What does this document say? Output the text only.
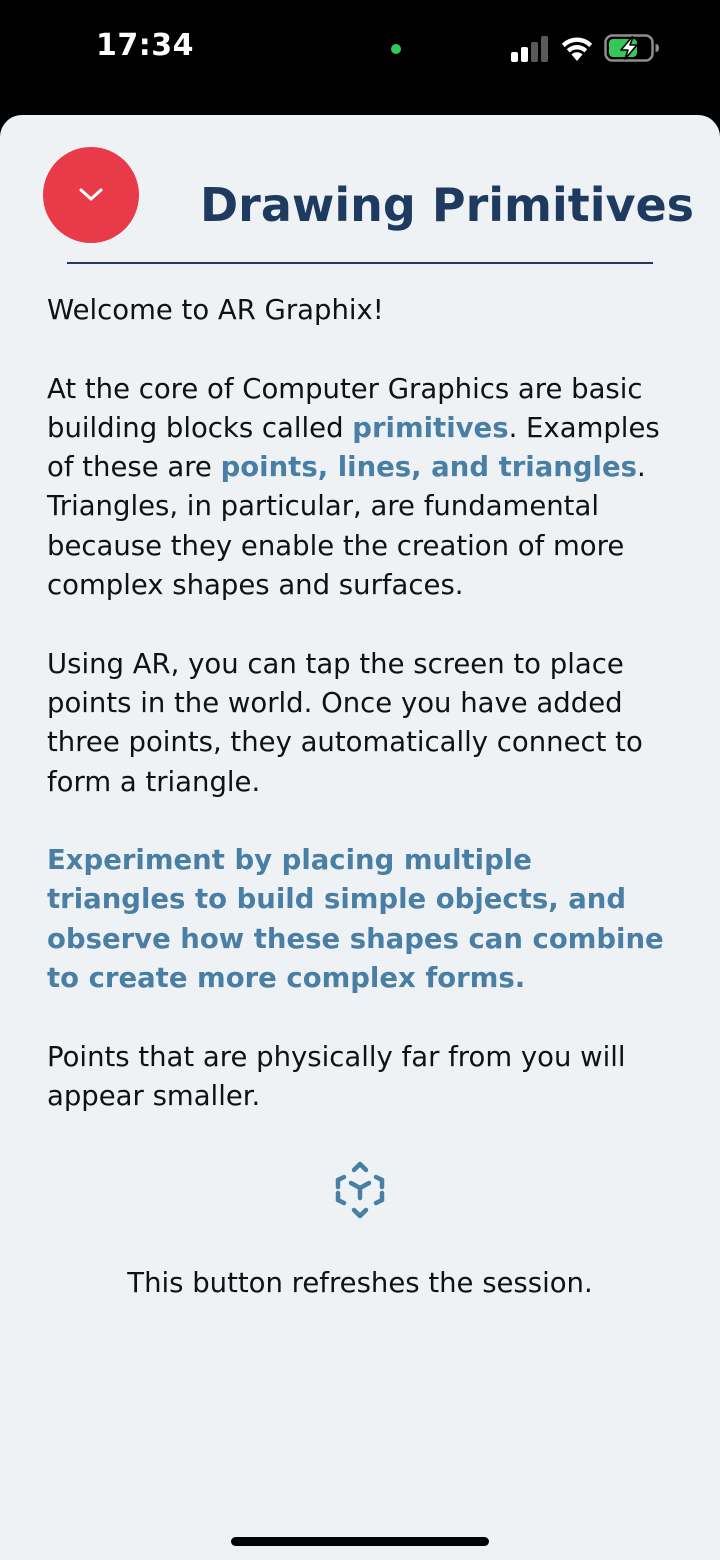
17:34
Drawing Primitives

Welcome to AR Graphix!

At the core of Computer Graphics are basic building blocks called primitives. Examples of these are points, lines, and triangles. Triangles, in particular, are fundamental because they enable the creation of more complex shapes and surfaces.

Using AR, you can tap the screen to place points in the world. Once you have added three points, they automatically connect to form a triangle.

Experiment by placing multiple triangles to build simple objects, and observe how these shapes can combine to create more complex forms.

Points that are physically far from you will appear smaller.

This button refreshes the session.
